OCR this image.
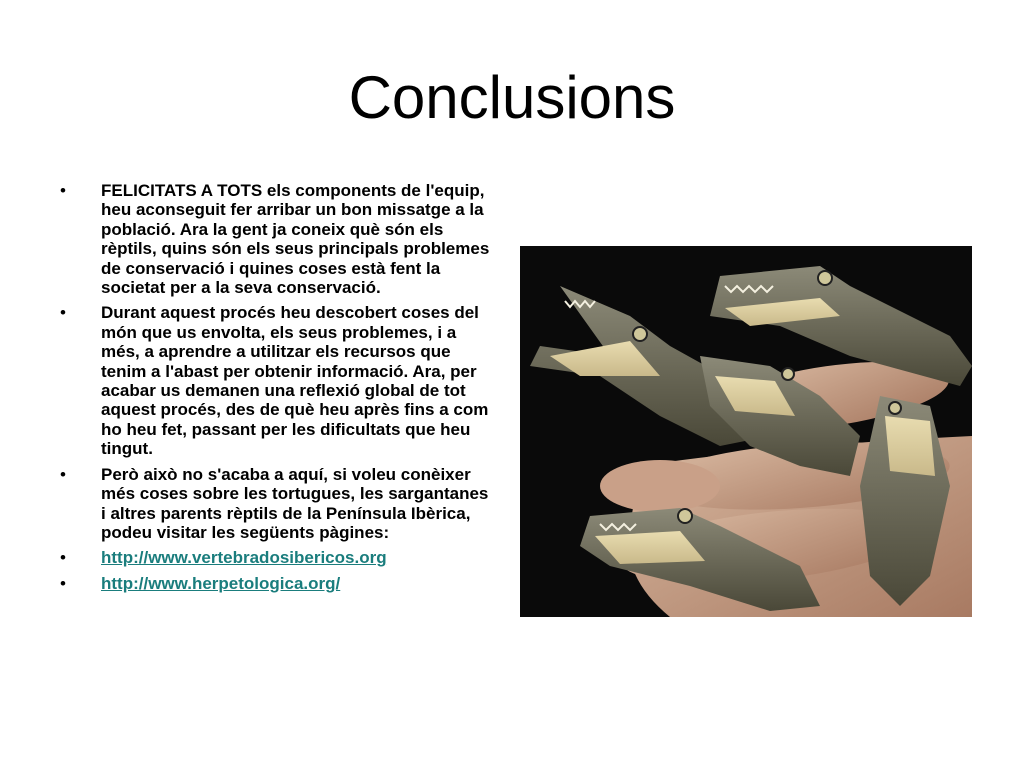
Conclusions
• FELICITATS A TOTS els components de l'equip, heu aconseguit fer arribar un bon missatge a la població. Ara la gent ja coneix què són els rèptils, quins són els seus principals problemes de conservació i quines coses està fent la societat per a la seva conservació.
• Durant aquest procés heu descobert coses del món que us envolta, els seus problemes, i a més, a aprendre a utilitzar els recursos que tenim a l'abast per obtenir informació. Ara, per acabar us demanen una reflexió global de tot aquest procés, des de què heu après fins a com ho heu fet, passant per les dificultats que heu tingut.
• Però això no s'acaba a aquí, si voleu conèixer més coses sobre les tortugues, les sargantanes i altres parents rèptils de la Península Ibèrica, podeu visitar les següents pàgines:
• http://www.vertebradosibericos.org
• http://www.herpetologica.org/
